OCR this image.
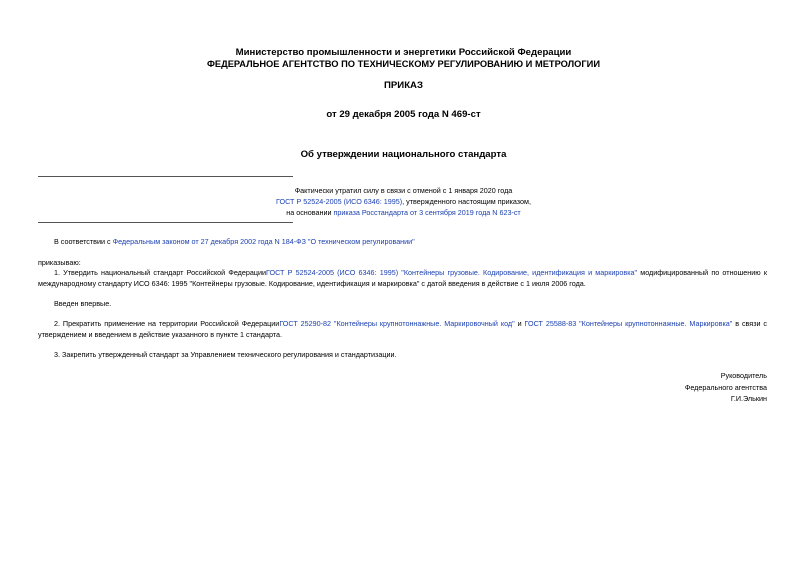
Министерство промышленности и энергетики Российской Федерации
ФЕДЕРАЛЬНОЕ АГЕНТСТВО ПО ТЕХНИЧЕСКОМУ РЕГУЛИРОВАНИЮ И МЕТРОЛОГИИ
ПРИКАЗ
от 29 декабря 2005 года N 469-ст
Об утверждении национального стандарта
Фактически утратил силу в связи с отменой с 1 января 2020 года
ГОСТ Р 52524-2005 (ИСО 6346: 1995), утвержденного настоящим приказом,
на основании приказа Росстандарта от 3 сентября 2019 года N 623-ст
В соответствии с Федеральным законом от 27 декабря 2002 года N 184-ФЗ "О техническом регулировании"
приказываю:
1. Утвердить национальный стандарт Российской ФедерацииГОСТ Р 52524-2005 (ИСО 6346: 1995) "Контейнеры грузовые. Кодирование, идентификация и маркировка" модифицированный по отношению к международному стандарту ИСО 6346: 1995 "Контейнеры грузовые. Кодирование, идентификация и маркировка" с датой введения в действие с 1 июля 2006 года.
Введен впервые.
2. Прекратить применение на территории Российской ФедерацииГОСТ 25290-82 "Контейнеры крупнотоннажные. Маркировочный код" и ГОСТ 25588-83 "Контейнеры крупнотоннажные. Маркировка" в связи с утверждением и введением в действие указанного в пункте 1 стандарта.
3. Закрепить утвержденный стандарт за Управлением технического регулирования и стандартизации.
Руководитель
Федерального агентства
Г.И.Элькин
